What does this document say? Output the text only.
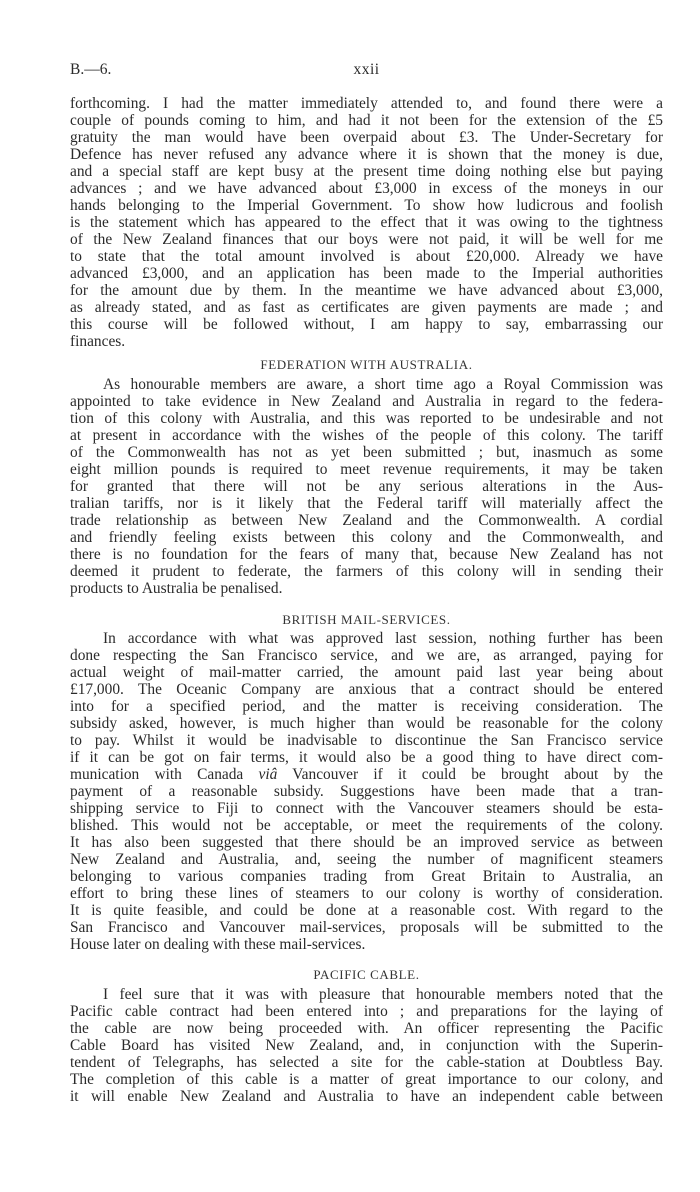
B.—6.	xxii
forthcoming. I had the matter immediately attended to, and found there were a
couple of pounds coming to him, and had it not been for the extension of the £5
gratuity the man would have been overpaid about £3. The Under-Secretary for
Defence has never refused any advance where it is shown that the money is due,
and a special staff are kept busy at the present time doing nothing else but paying
advances ; and we have advanced about £3,000 in excess of the moneys in our
hands belonging to the Imperial Government. To show how ludicrous and foolish
is the statement which has appeared to the effect that it was owing to the tightness
of the New Zealand finances that our boys were not paid, it will be well for me
to state that the total amount involved is about £20,000. Already we have
advanced £3,000, and an application has been made to the Imperial authorities
for the amount due by them. In the meantime we have advanced about £3,000,
as already stated, and as fast as certificates are given payments are made ; and
this course will be followed without, I am happy to say, embarrassing our
finances.
FEDERATION WITH AUSTRALIA.
As honourable members are aware, a short time ago a Royal Commission was
appointed to take evidence in New Zealand and Australia in regard to the federa-
tion of this colony with Australia, and this was reported to be undesirable and not
at present in accordance with the wishes of the people of this colony. The tariff
of the Commonwealth has not as yet been submitted ; but, inasmuch as some
eight million pounds is required to meet revenue requirements, it may be taken
for granted that there will not be any serious alterations in the Aus-
tralian tariffs, nor is it likely that the Federal tariff will materially affect the
trade relationship as between New Zealand and the Commonwealth. A cordial
and friendly feeling exists between this colony and the Commonwealth, and
there is no foundation for the fears of many that, because New Zealand has not
deemed it prudent to federate, the farmers of this colony will in sending their
products to Australia be penalised.
BRITISH MAIL-SERVICES.
In accordance with what was approved last session, nothing further has been
done respecting the San Francisco service, and we are, as arranged, paying for
actual weight of mail-matter carried, the amount paid last year being about
£17,000. The Oceanic Company are anxious that a contract should be entered
into for a specified period, and the matter is receiving consideration. The
subsidy asked, however, is much higher than would be reasonable for the colony
to pay. Whilst it would be inadvisable to discontinue the San Francisco service
if it can be got on fair terms, it would also be a good thing to have direct com-
munication with Canada viâ Vancouver if it could be brought about by the
payment of a reasonable subsidy. Suggestions have been made that a tran-
shipping service to Fiji to connect with the Vancouver steamers should be esta-
blished. This would not be acceptable, or meet the requirements of the colony.
It has also been suggested that there should be an improved service as between
New Zealand and Australia, and, seeing the number of magnificent steamers
belonging to various companies trading from Great Britain to Australia, an
effort to bring these lines of steamers to our colony is worthy of consideration.
It is quite feasible, and could be done at a reasonable cost. With regard to the
San Francisco and Vancouver mail-services, proposals will be submitted to the
House later on dealing with these mail-services.
PACIFIC CABLE.
I feel sure that it was with pleasure that honourable members noted that the
Pacific cable contract had been entered into ; and preparations for the laying of
the cable are now being proceeded with. An officer representing the Pacific
Cable Board has visited New Zealand, and, in conjunction with the Superin-
tendent of Telegraphs, has selected a site for the cable-station at Doubtless Bay.
The completion of this cable is a matter of great importance to our colony, and
it will enable New Zealand and Australia to have an independent cable between
